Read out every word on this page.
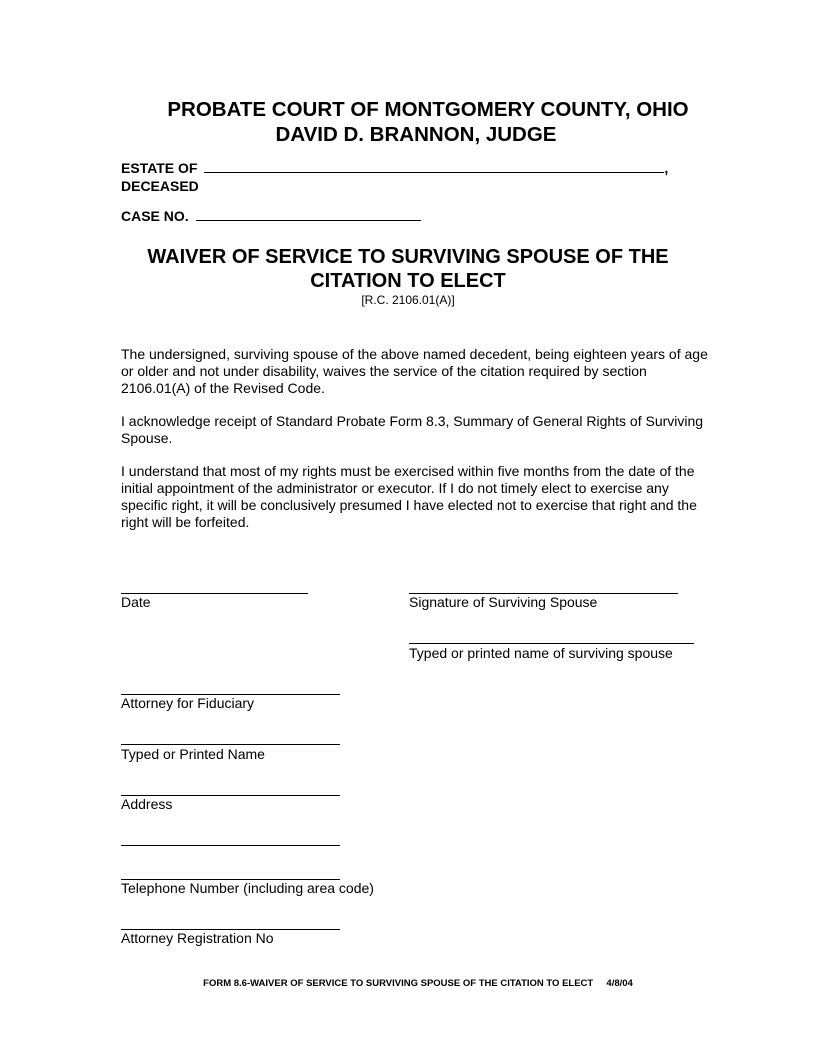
PROBATE COURT OF MONTGOMERY COUNTY, OHIO
DAVID D. BRANNON, JUDGE
ESTATE OF	,
DECEASED
CASE NO.
WAIVER OF SERVICE TO SURVIVING SPOUSE OF THE
CITATION TO ELECT
[R.C. 2106.01(A)]
The undersigned, surviving spouse of the above named decedent, being eighteen years of age or older and not under disability, waives the service of the citation required by section 2106.01(A) of the Revised Code.
I acknowledge receipt of Standard Probate Form 8.3, Summary of General Rights of Surviving Spouse.
I understand that most of my rights must be exercised within five months from the date of the initial appointment of the administrator or executor. If I do not timely elect to exercise any specific right, it will be conclusively presumed I have elected not to exercise that right and the right will be forfeited.
Date	Signature of Surviving Spouse
Typed or printed name of surviving spouse
Attorney for Fiduciary
Typed or Printed Name
Address
Telephone Number (including area code)
Attorney Registration No
FORM 8.6-WAIVER OF SERVICE TO SURVIVING SPOUSE OF THE CITATION TO ELECT 4/8/04
